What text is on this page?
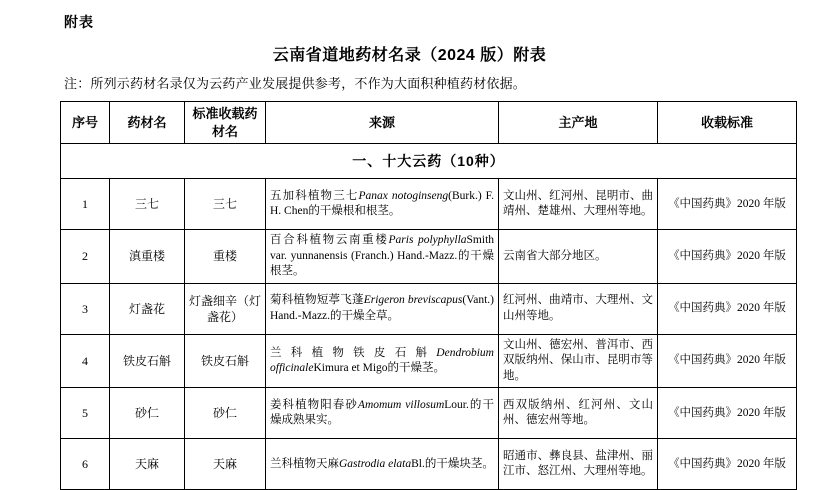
附表
云南省道地药材名录（2024 版）附表
注：所列示药材名录仅为云药产业发展提供参考，不作为大面积种植药材依据。
序号	药材名	标准收载药材名	来源	主产地	收载标准
一、十大云药（10种）					
1	三七	三七	五加科植物三七Panax notoginseng(Burk.) F. H. Chen的干燥根和根茎。	文山州、红河州、昆明市、曲靖州、楚雄州、大理州等地。	《中国药典》2020 年版
2	滇重楼	重楼	百合科植物云南重楼Paris polyphyllaSmith var. yunnanensis (Franch.) Hand.-Mazz.的干燥根茎。	云南省大部分地区。	《中国药典》2020 年版
3	灯盏花	灯盏细辛（灯盏花）	菊科植物短葶飞蓬Erigeron breviscapus(Vant.) Hand.-Mazz.的干燥全草。	红河州、曲靖市、大理州、文山州等地。	《中国药典》2020 年版
4	铁皮石斛	铁皮石斛	兰科植物铁皮石斛Dendrobium officinaleKimura et Migo的干燥茎。	文山州、德宏州、普洱市、西双版纳州、保山市、昆明市等地。	《中国药典》2020 年版
5	砂仁	砂仁	姜科植物阳春砂Amomum villosumLour.的干燥成熟果实。	西双版纳州、红河州、文山州、德宏州等地。	《中国药典》2020 年版
6	天麻	天麻	兰科植物天麻Gastrodia elataBl.的干燥块茎。	昭通市、彝良县、盐津州、丽江市、怒江州、大理州等地。	《中国药典》2020 年版
